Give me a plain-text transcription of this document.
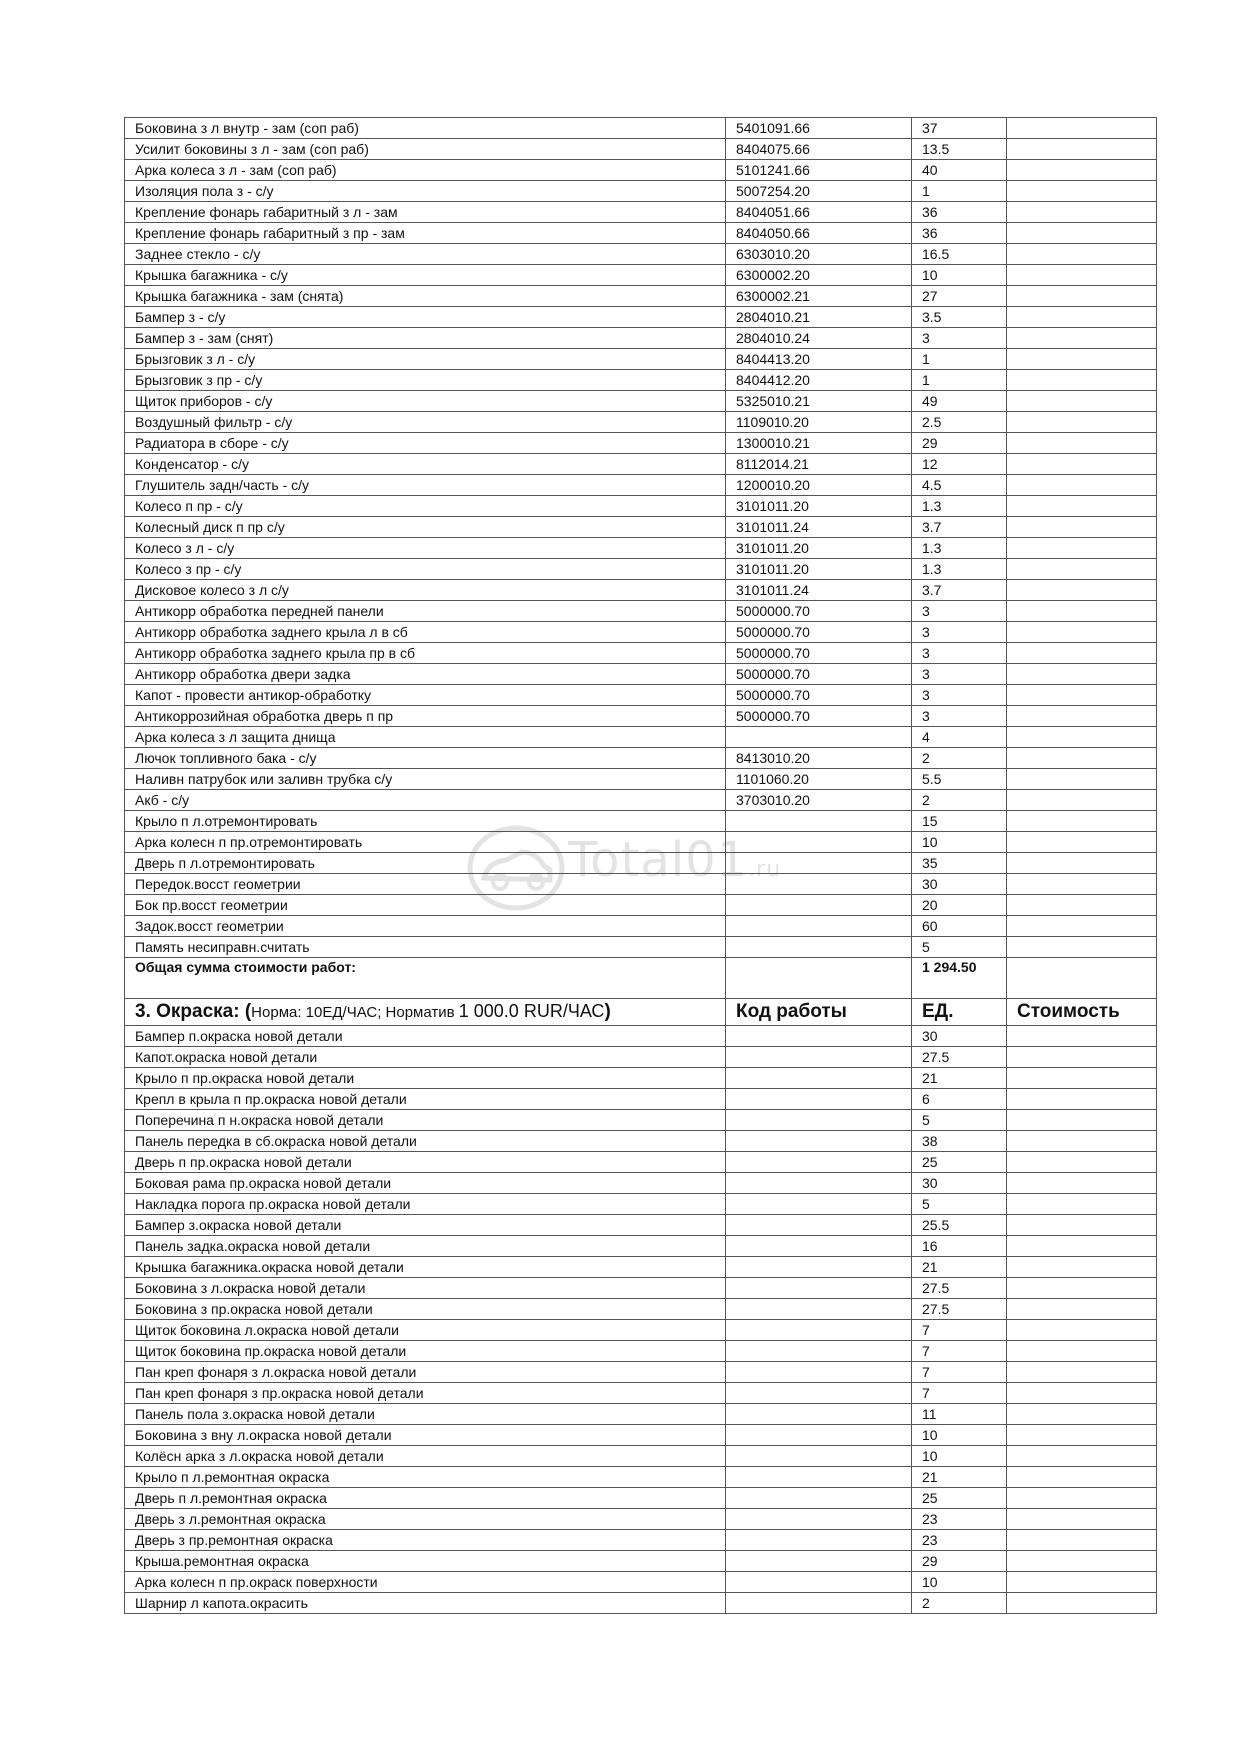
Боковина з л внутр - зам (соп раб)	5401091.66	37	
Усилит боковины з л - зам (соп раб)	8404075.66	13.5	
Арка колеса з л - зам (соп раб)	5101241.66	40	
Изоляция пола з - с/у	5007254.20	1	
Крепление фонарь габаритный з л - зам	8404051.66	36	
Крепление фонарь габаритный з пр - зам	8404050.66	36	
Заднее стекло - с/у	6303010.20	16.5	
Крышка багажника - с/у	6300002.20	10	
Крышка багажника - зам (снята)	6300002.21	27	
Бампер з - с/у	2804010.21	3.5	
Бампер з - зам (снят)	2804010.24	3	
Брызговик з л - с/у	8404413.20	1	
Брызговик з пр - с/у	8404412.20	1	
Щиток приборов - с/у	5325010.21	49	
Воздушный фильтр - с/у	1109010.20	2.5	
Радиатора в сборе - с/у	1300010.21	29	
Конденсатор - с/у	8112014.21	12	
Глушитель задн/часть - с/у	1200010.20	4.5	
Колесо п пр - с/у	3101011.20	1.3	
Колесный диск п пр с/у	3101011.24	3.7	
Колесо з л - с/у	3101011.20	1.3	
Колесо з пр - с/у	3101011.20	1.3	
Дисковое колесо з л с/у	3101011.24	3.7	
Антикорр обработка передней панели	5000000.70	3	
Антикорр обработка заднего крыла л в сб	5000000.70	3	
Антикорр обработка заднего крыла пр в сб	5000000.70	3	
Антикорр обработка двери задка	5000000.70	3	
Капот - провести антикор-обработку	5000000.70	3	
Антикоррозийная обработка дверь п пр	5000000.70	3	
Арка колеса з л защита днища		4	
Лючок топливного бака - с/у	8413010.20	2	
Наливн патрубок или заливн трубка с/у	1101060.20	5.5	
Акб - с/у	3703010.20	2	
Крыло п л.отремонтировать		15	
Арка колесн п пр.отремонтировать		10	
Дверь п л.отремонтировать		35	
Передок.восст геометрии		30	
Бок пр.восст геометрии		20	
Задок.восст геометрии		60	
Память несиправн.считать		5	
Общая сумма стоимости работ:		1 294.50	
3. Окраска: (Норма: 10ЕД/ЧАС; Норматив 1 000.0 RUR/ЧАС)	Код работы	ЕД.	Стоимость
Бампер п.окраска новой детали		30	
Капот.окраска новой детали		27.5	
Крыло п пр.окраска новой детали		21	
Крепл в крыла п пр.окраска новой детали		6	
Поперечина п н.окраска новой детали		5	
Панель передка в сб.окраска новой детали		38	
Дверь п пр.окраска новой детали		25	
Боковая рама пр.окраска новой детали		30	
Накладка порога пр.окраска новой детали		5	
Бампер з.окраска новой детали		25.5	
Панель задка.окраска новой детали		16	
Крышка багажника.окраска новой детали		21	
Боковина з л.окраска новой детали		27.5	
Боковина з пр.окраска новой детали		27.5	
Щиток боковина л.окраска новой детали		7	
Щиток боковина пр.окраска новой детали		7	
Пан креп фонаря з л.окраска новой детали		7	
Пан креп фонаря з пр.окраска новой детали		7	
Панель пола з.окраска новой детали		11	
Боковина з вну л.окраска новой детали		10	
Колёсн арка з л.окраска новой детали		10	
Крыло п л.ремонтная окраска		21	
Дверь п л.ремонтная окраска		25	
Дверь з л.ремонтная окраска		23	
Дверь з пр.ремонтная окраска		23	
Крыша.ремонтная окраска		29	
Арка колесн п пр.окраск поверхности		10	
Шарнир л капота.окрасить		2	
Total01.ru
